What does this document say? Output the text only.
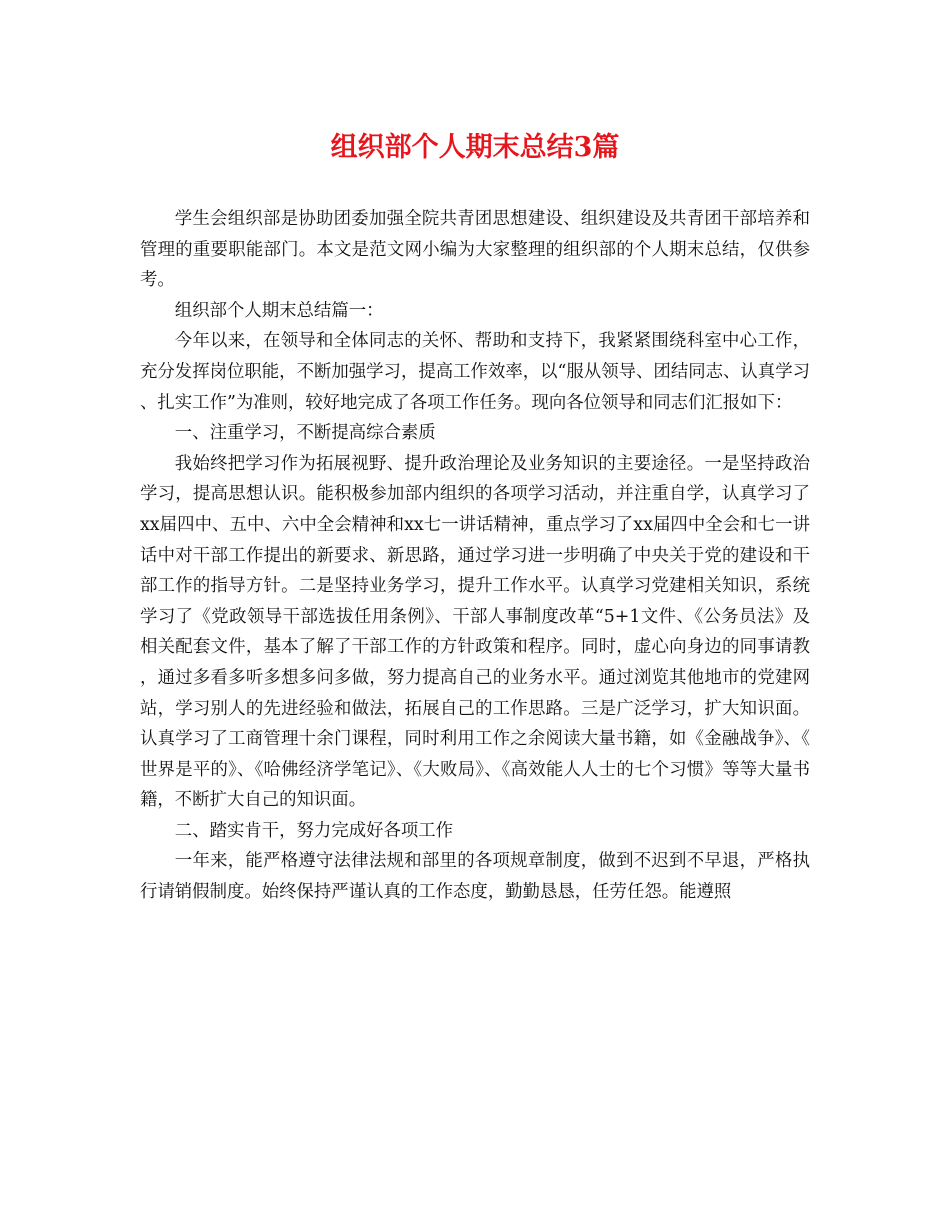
组织部个人期末总结3篇

学生会组织部是协助团委加强全院共青团思想建设、组织建设及共青团干部培养和管理的重要职能部门。本文是范文网小编为大家整理的组织部的个人期末总结，仅供参考。

组织部个人期末总结篇一：

今年以来，在领导和全体同志的关怀、帮助和支持下，我紧紧围绕科室中心工作，充分发挥岗位职能，不断加强学习，提高工作效率，以“服从领导、团结同志、认真学习、扎实工作”为准则，较好地完成了各项工作任务。现向各位领导和同志们汇报如下：

一、注重学习，不断提高综合素质

我始终把学习作为拓展视野、提升政治理论及业务知识的主要途径。一是坚持政治学习，提高思想认识。能积极参加部内组织的各项学习活动，并注重自学，认真学习了xx届四中、五中、六中全会精神和xx七一讲话精神，重点学习了xx届四中全会和七一讲话中对干部工作提出的新要求、新思路，通过学习进一步明确了中央关于党的建设和干部工作的指导方针。二是坚持业务学习，提升工作水平。认真学习党建相关知识，系统学习了《党政领导干部选拔任用条例》、干部人事制度改革“5+1文件、《公务员法》及相关配套文件，基本了解了干部工作的方针政策和程序。同时，虚心向身边的同事请教，通过多看多听多想多问多做，努力提高自己的业务水平。通过浏览其他地市的党建网站，学习别人的先进经验和做法，拓展自己的工作思路。三是广泛学习，扩大知识面。认真学习了工商管理十余门课程，同时利用工作之余阅读大量书籍，如《金融战争》、《世界是平的》、《哈佛经济学笔记》、《大败局》、《高效能人人士的七个习惯》等等大量书籍，不断扩大自己的知识面。

二、踏实肯干，努力完成好各项工作

一年来，能严格遵守法律法规和部里的各项规章制度，做到不迟到不早退，严格执行请销假制度。始终保持严谨认真的工作态度，勤勤恳恳，任劳任怨。能遵照
